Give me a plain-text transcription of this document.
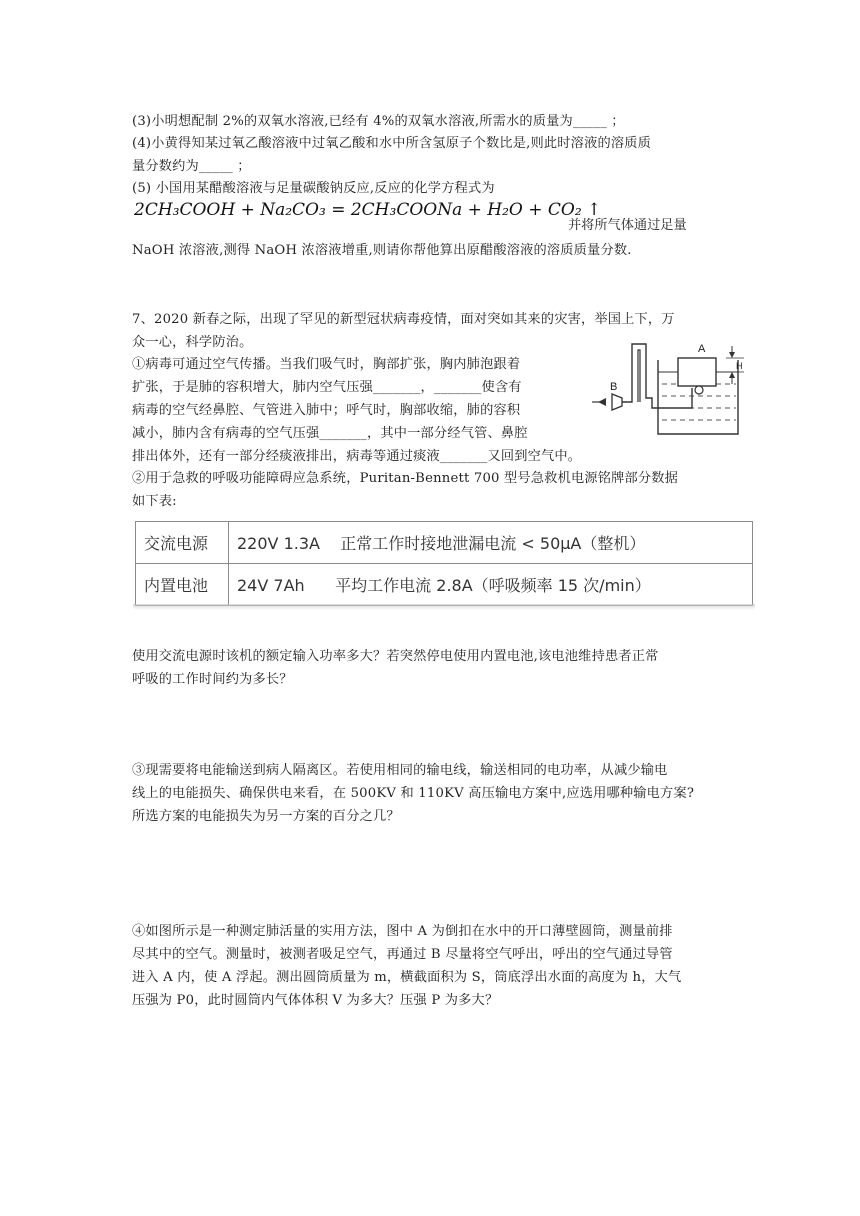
(3)小明想配制 2%的双氧水溶液,已经有 4%的双氧水溶液,所需水的质量为_____ ；
(4)小黄得知某过氧乙酸溶液中过氧乙酸和水中所含氢原子个数比是,则此时溶液的溶质质
量分数约为_____ ；
(5) 小国用某醋酸溶液与足量碳酸钠反应,反应的化学方程式为
2CH₃COOH + Na₂CO₃ = 2CH₃COONa + H₂O + CO₂ ↑
并将所气体通过足量
NaOH 浓溶液,测得 NaOH 浓溶液增重,则请你帮他算出原醋酸溶液的溶质质量分数.
7、2020 新春之际，出现了罕见的新型冠状病毒疫情，面对突如其来的灾害，举国上下，万
众一心，科学防治。
①病毒可通过空气传播。当我们吸气时，胸部扩张，胸内肺泡跟着
扩张，于是肺的容积增大，肺内空气压强_______，_______使含有
病毒的空气经鼻腔、气管进入肺中；呼气时，胸部收缩，肺的容积
减小，肺内含有病毒的空气压强_______，其中一部分经气管、鼻腔
排出体外，还有一部分经痰液排出，病毒等通过痰液_______又回到空气中。
A
B
H
②用于急救的呼吸功能障碍应急系统，Puritan-Bennett 700 型号急救机电源铭牌部分数据
如下表:
交流电源	220V 1.3A    正常工作时接地泄漏电流 < 50μA（整机）
内置电池	24V 7Ah      平均工作电流 2.8A（呼吸频率 15 次/min）
使用交流电源时该机的额定输入功率多大？若突然停电使用内置电池,该电池维持患者正常
呼吸的工作时间约为多长？
③现需要将电能输送到病人隔离区。若使用相同的输电线，输送相同的电功率，从减少输电
线上的电能损失、确保供电来看，在 500KV 和 110KV 高压输电方案中,应选用哪种输电方案?
所选方案的电能损失为另一方案的百分之几？
④如图所示是一种测定肺活量的实用方法，图中 A 为倒扣在水中的开口薄壁圆筒，测量前排
尽其中的空气。测量时，被测者吸足空气，再通过 B 尽量将空气呼出，呼出的空气通过导管
进入 A 内，使 A 浮起。测出圆筒质量为 m，横截面积为 S，筒底浮出水面的高度为 h，大气
压强为 P0，此时圆筒内气体体积 V 为多大？压强 P 为多大？
